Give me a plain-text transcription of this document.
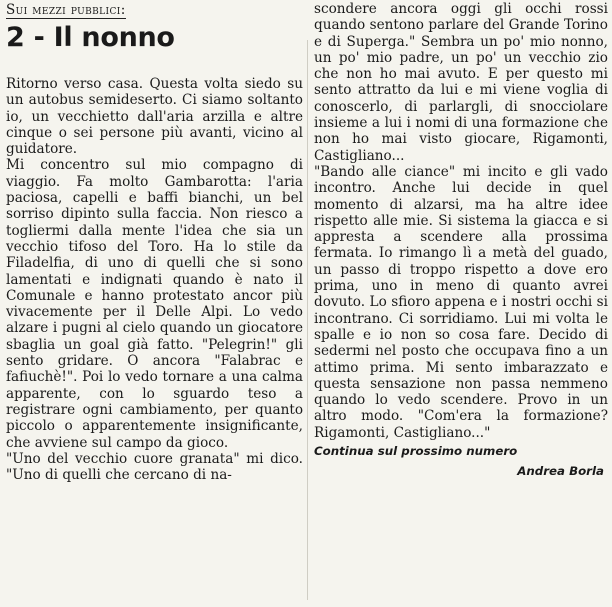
Sui mezzi pubblici:
2 - Il nonno

Ritorno verso casa. Questa volta siedo su un autobus semideserto. Ci siamo soltanto io, un vecchietto dall'aria arzilla e altre cinque o sei persone più avanti, vicino al guidatore.

Mi concentro sul mio compagno di viaggio. Fa molto Gambarotta: l'aria paciosa, capelli e baffi bianchi, un bel sorriso dipinto sulla faccia. Non riesco a togliermi dalla mente l'idea che sia un vecchio tifoso del Toro. Ha lo stile da Filadelfia, di uno di quelli che si sono lamentati e indignati quando è nato il Comunale e hanno protestato ancor più vivacemente per il Delle Alpi. Lo vedo alzare i pugni al cielo quando un giocatore sbaglia un goal già fatto. "Pelegrin!" gli sento gridare. O ancora "Falabrac e fafiuchè!". Poi lo vedo tornare a una calma apparente, con lo sguardo teso a registrare ogni cambiamento, per quanto piccolo o apparentemente insignificante, che avviene sul campo da gioco.

"Uno del vecchio cuore granata" mi dico. "Uno di quelli che cercano di na-

scondere ancora oggi gli occhi rossi quando sentono parlare del Grande Torino e di Superga." Sembra un po' mio nonno, un po' mio padre, un po' un vecchio zio che non ho mai avuto. E per questo mi sento attratto da lui e mi viene voglia di conoscerlo, di parlargli, di snocciolare insieme a lui i nomi di una formazione che non ho mai visto giocare, Rigamonti, Castigliano...

"Bando alle ciance" mi incito e gli vado incontro. Anche lui decide in quel momento di alzarsi, ma ha altre idee rispetto alle mie. Si sistema la giacca e si appresta a scendere alla prossima fermata. Io rimango lì a metà del guado, un passo di troppo rispetto a dove ero prima, uno in meno di quanto avrei dovuto. Lo sfioro appena e i nostri occhi si incontrano. Ci sorridiamo. Lui mi volta le spalle e io non so cosa fare. Decido di sedermi nel posto che occupava fino a un attimo prima. Mi sento imbarazzato e questa sensazione non passa nemmeno quando lo vedo scendere. Provo in un altro modo. "Com'era la formazione? Rigamonti, Castigliano..."

Continua sul prossimo numero
Andrea Borla
